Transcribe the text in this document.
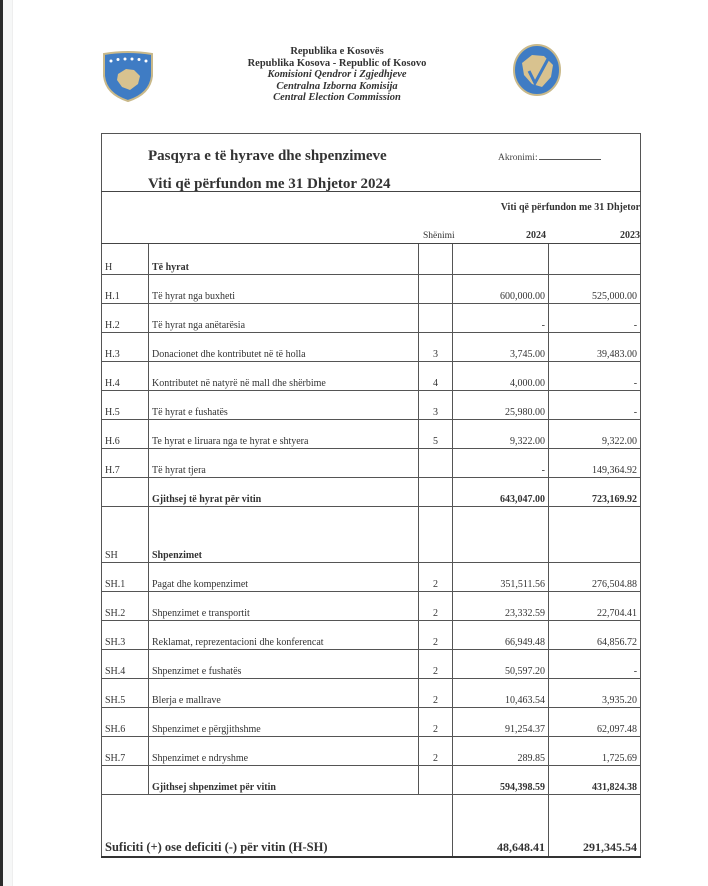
Republika e Kosovës
Republika Kosova - Republic of Kosovo
Komisioni Qendror i Zgjedhjeve
Centralna Izborna Komisija
Central Election Commission
Pasqyra e të hyrave dhe shpenzimeve
Viti që përfundon me 31 Dhjetor 2024
Akronimi:				

Viti që përfundon me 31 Dhjetor
Shënimi 2024 2023				

H	Të hyrat			
H.1	Të hyrat nga buxheti		600,000.00	525,000.00
H.2	Të hyrat nga anëtarësia		-	-
H.3	Donacionet dhe kontributet në të holla	3	3,745.00	39,483.00
H.4	Kontributet në natyrë në mall dhe shërbime	4	4,000.00	-
H.5	Të hyrat e fushatës	3	25,980.00	-
H.6	Te hyrat e liruara nga te hyrat e shtyera	5	9,322.00	9,322.00
H.7	Të hyrat tjera		-	149,364.92
	Gjithsej të hyrat për vitin		643,047.00	723,169.92
SH	Shpenzimet			
SH.1	Pagat dhe kompenzimet	2	351,511.56	276,504.88
SH.2	Shpenzimet e transportit	2	23,332.59	22,704.41
SH.3	Reklamat, reprezentacioni dhe konferencat	2	66,949.48	64,856.72
SH.4	Shpenzimet e fushatës	2	50,597.20	-
SH.5	Blerja e mallrave	2	10,463.54	3,935.20
SH.6	Shpenzimet e përgjithshme	2	91,254.37	62,097.48
SH.7	Shpenzimet e ndryshme	2	289.85	1,725.69
	Gjithsej shpenzimet për vitin		594,398.59	431,824.38
Suficiti (+) ose deficiti (-) për vitin (H-SH)			48,648.41	291,345.54
